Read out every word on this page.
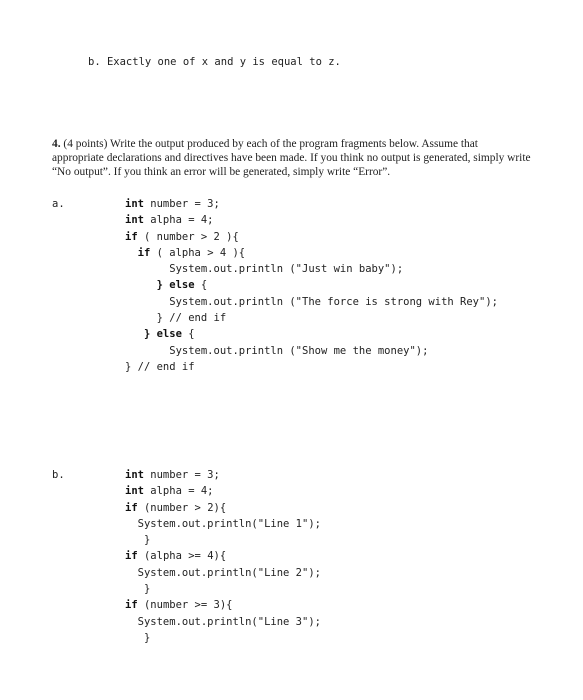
b. Exactly one of x and y is equal to z.
4. (4 points) Write the output produced by each of the program fragments below. Assume that appropriate declarations and directives have been made. If you think no output is generated, simply write “No output”. If you think an error will be generated, simply write “Error”.
a.	int number = 3;
int alpha = 4;
if ( number > 2 ){
if ( alpha > 4 ){
System.out.println ("Just win baby");
} else {
System.out.println ("The force is strong with Rey");
} // end if
} else {
System.out.println ("Show me the money");
} // end if
b.	int number = 3;
int alpha = 4;
if (number > 2){
System.out.println("Line 1");
}
if (alpha >= 4){
System.out.println("Line 2");
}
if (number >= 3){
System.out.println("Line 3");
}
